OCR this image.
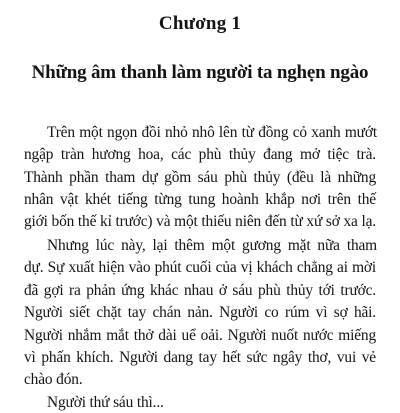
Chương 1
Những âm thanh làm người ta nghẹn ngào
Trên một ngọn đồi nhỏ nhô lên từ đồng cỏ xanh mướt
ngập tràn hương hoa, các phù thủy đang mở tiệc trà.
Thành phần tham dự gồm sáu phù thủy (đều là những
nhân vật khét tiếng từng tung hoành khắp nơi trên thế
giới bốn thế kỉ trước) và một thiếu niên đến từ xứ sở xa lạ.
Nhưng lúc này, lại thêm một gương mặt nữa tham
dự. Sự xuất hiện vào phút cuối của vị khách chẳng ai mời
đã gợi ra phản ứng khác nhau ở sáu phù thủy tới trước.
Người siết chặt tay chán nản. Người co rúm vì sợ hãi.
Người nhắm mắt thở dài uể oải. Người nuốt nước miếng
vì phấn khích. Người dang tay hết sức ngây thơ, vui vẻ
chào đón.
Người thứ sáu thì...
